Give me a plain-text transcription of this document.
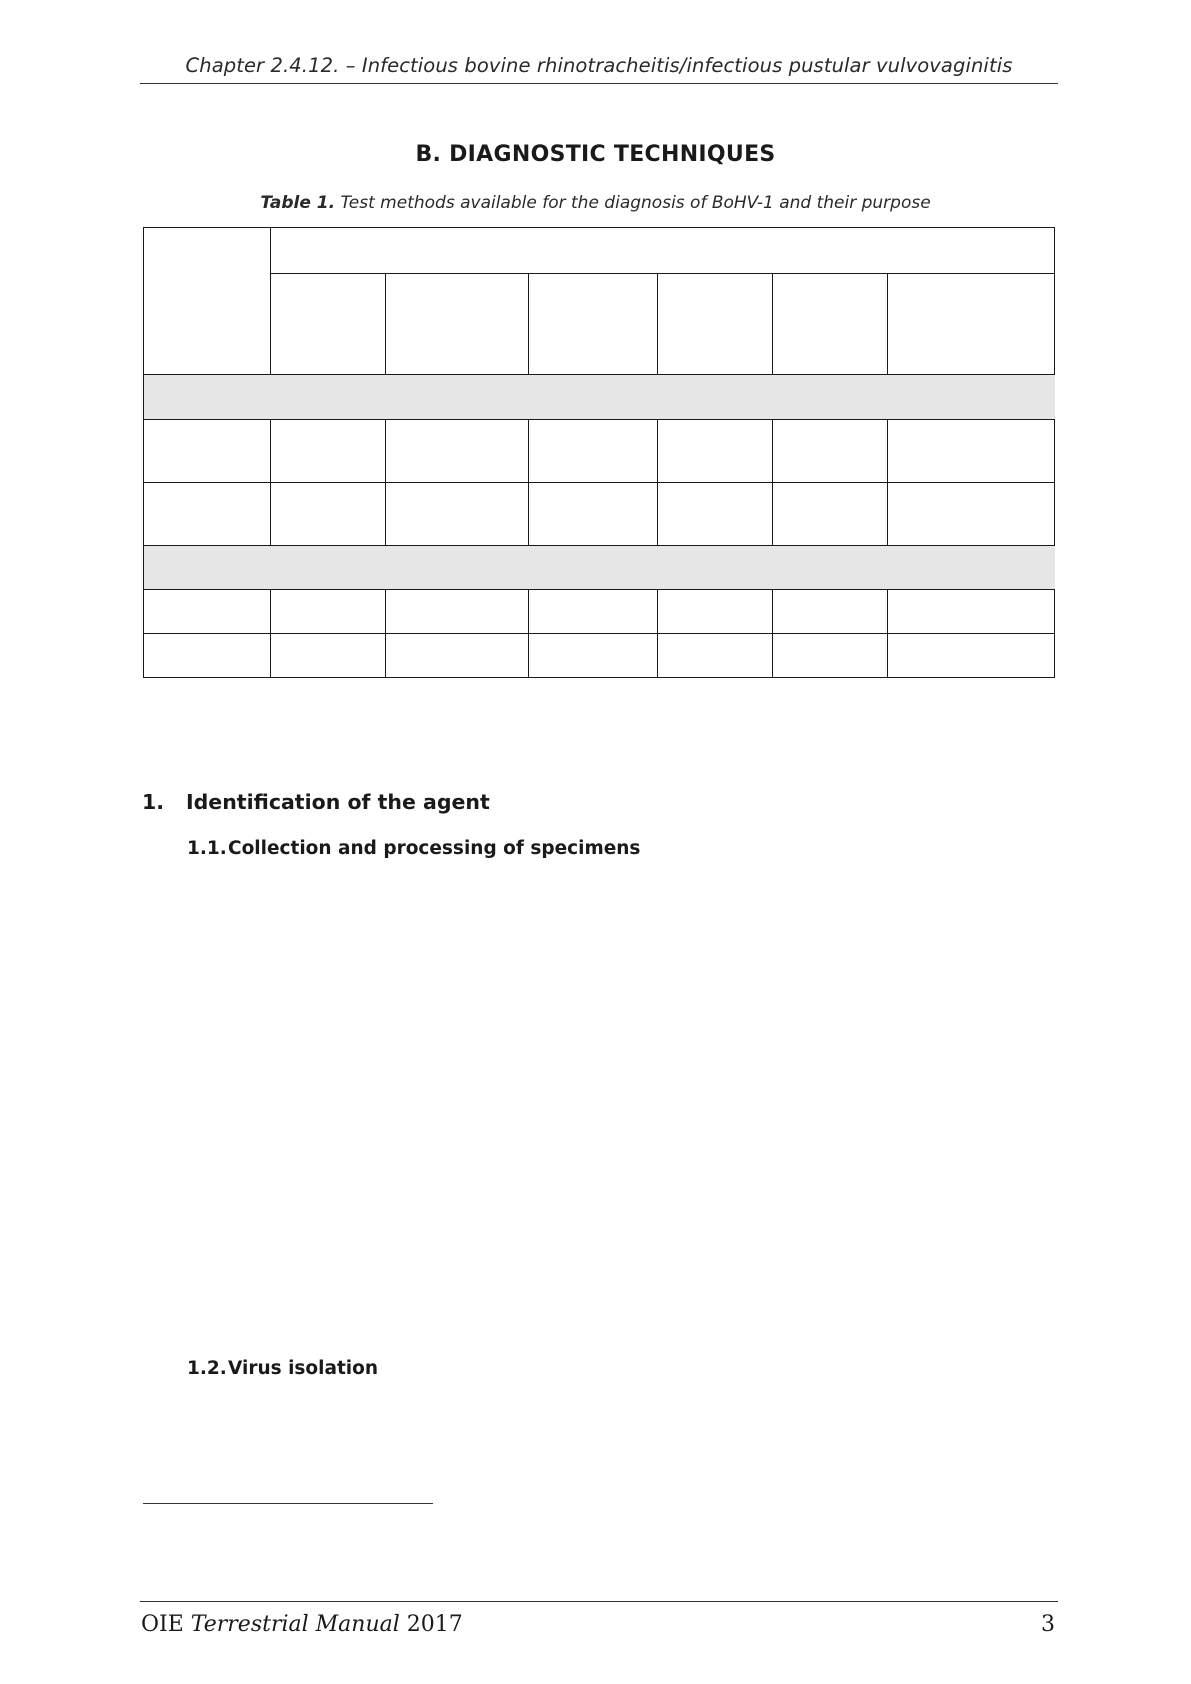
Chapter 2.4.12. – Infectious bovine rhinotracheitis/infectious pustular vulvovaginitis
B. DIAGNOSTIC TECHNIQUES
Table 1. Test methods available for the diagnosis of BoHV-1 and their purpose

1. Identification of the agent
1.1.Collection and processing of specimens
1.2.Virus isolation
OIE Terrestrial Manual 2017	3
